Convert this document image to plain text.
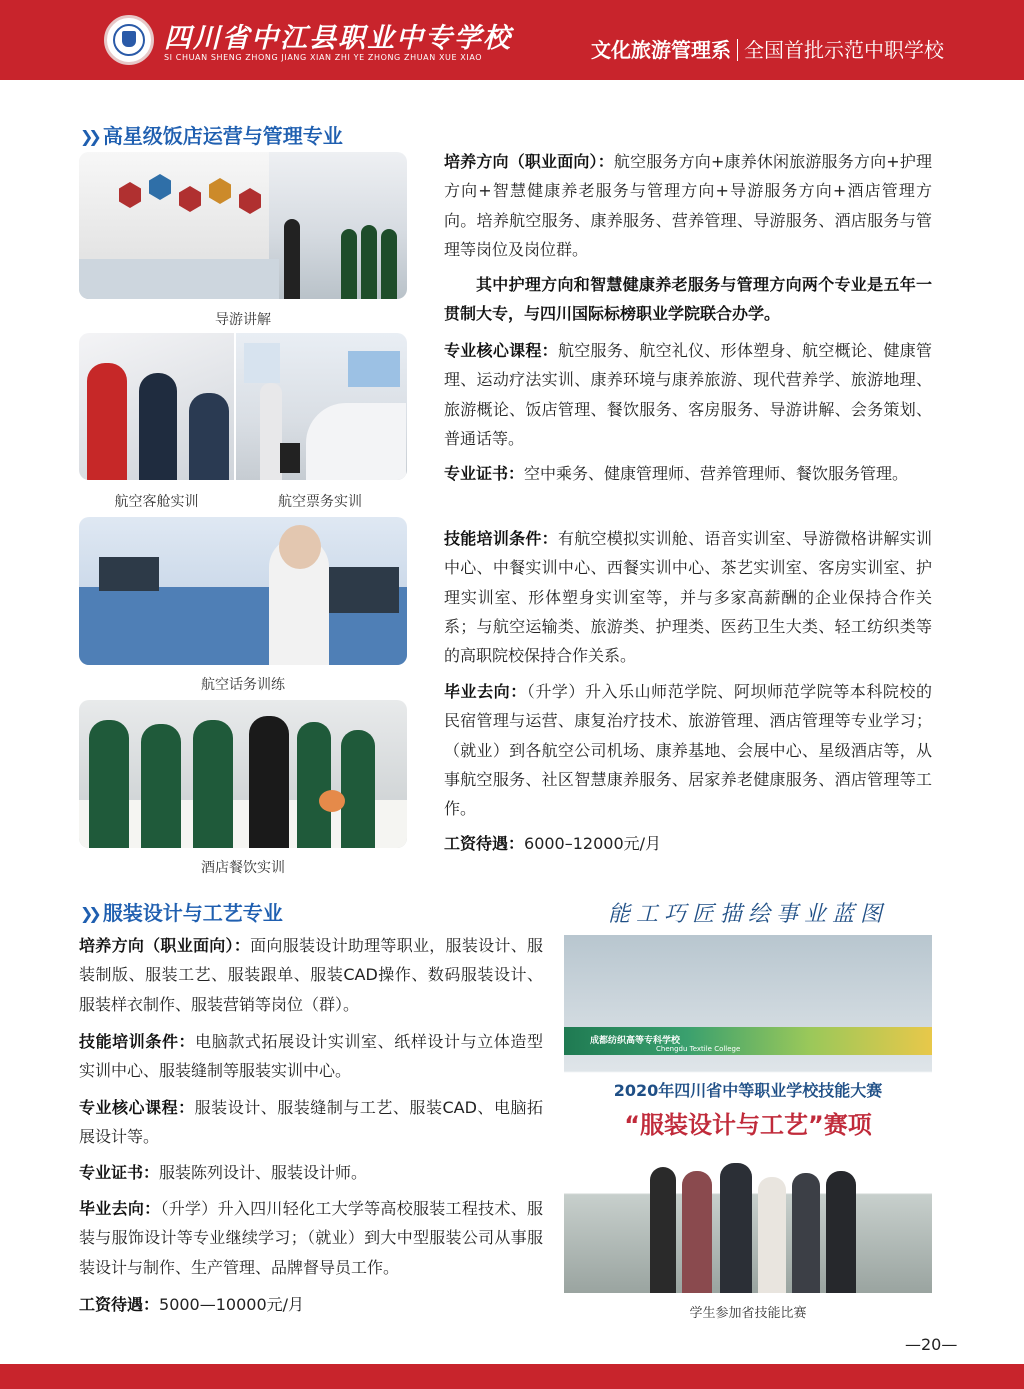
四川省中江县职业中专学校
SI CHUAN SHENG ZHONG JIANG XIAN ZHI YE ZHONG ZHUAN XUE XIAO	文化旅游管理系 全国首批示范中职学校
❯❯ 高星级饭店运营与管理专业
导游讲解
航空客舱实训	航空票务实训
航空话务训练
酒店餐饮实训
培养方向（职业面向）：航空服务方向+康养休闲旅游服务方向+护理方向+智慧健康养老服务与管理方向+导游服务方向+酒店管理方向。培养航空服务、康养服务、营养管理、导游服务、酒店服务与管理等岗位及岗位群。
其中护理方向和智慧健康养老服务与管理方向两个专业是五年一贯制大专，与四川国际标榜职业学院联合办学。
专业核心课程：航空服务、航空礼仪、形体塑身、航空概论、健康管理、运动疗法实训、康养环境与康养旅游、现代营养学、旅游地理、旅游概论、饭店管理、餐饮服务、客房服务、导游讲解、会务策划、普通话等。
专业证书：空中乘务、健康管理师、营养管理师、餐饮服务管理。
技能培训条件：有航空模拟实训舱、语音实训室、导游微格讲解实训中心、中餐实训中心、西餐实训中心、茶艺实训室、客房实训室、护理实训室、形体塑身实训室等，并与多家高薪酬的企业保持合作关系；与航空运输类、旅游类、护理类、医药卫生大类、轻工纺织类等的高职院校保持合作关系。
毕业去向：（升学）升入乐山师范学院、阿坝师范学院等本科院校的民宿管理与运营、康复治疗技术、旅游管理、酒店管理等专业学习；（就业）到各航空公司机场、康养基地、会展中心、星级酒店等，从事航空服务、社区智慧康养服务、居家养老健康服务、酒店管理等工作。
工资待遇：6000–12000元/月
❯❯ 服装设计与工艺专业
培养方向（职业面向）：面向服装设计助理等职业，服装设计、服装制版、服装工艺、服装跟单、服装CAD操作、数码服装设计、服装样衣制作、服装营销等岗位（群）。
技能培训条件：电脑款式拓展设计实训室、纸样设计与立体造型实训中心、服装缝制等服装实训中心。
专业核心课程：服装设计、服装缝制与工艺、服装CAD、电脑拓展设计等。
专业证书：服装陈列设计、服装设计师。
毕业去向：（升学）升入四川轻化工大学等高校服装工程技术、服装与服饰设计等专业继续学习；（就业）到大中型服装公司从事服装设计与制作、生产管理、品牌督导员工作。
工资待遇：5000—10000元/月
能工巧匠描绘事业蓝图
成都纺织高等专科学校
Chengdu Textile College
2020年四川省中等职业学校技能大赛
“服装设计与工艺”赛项
学生参加省技能比赛
—20—
